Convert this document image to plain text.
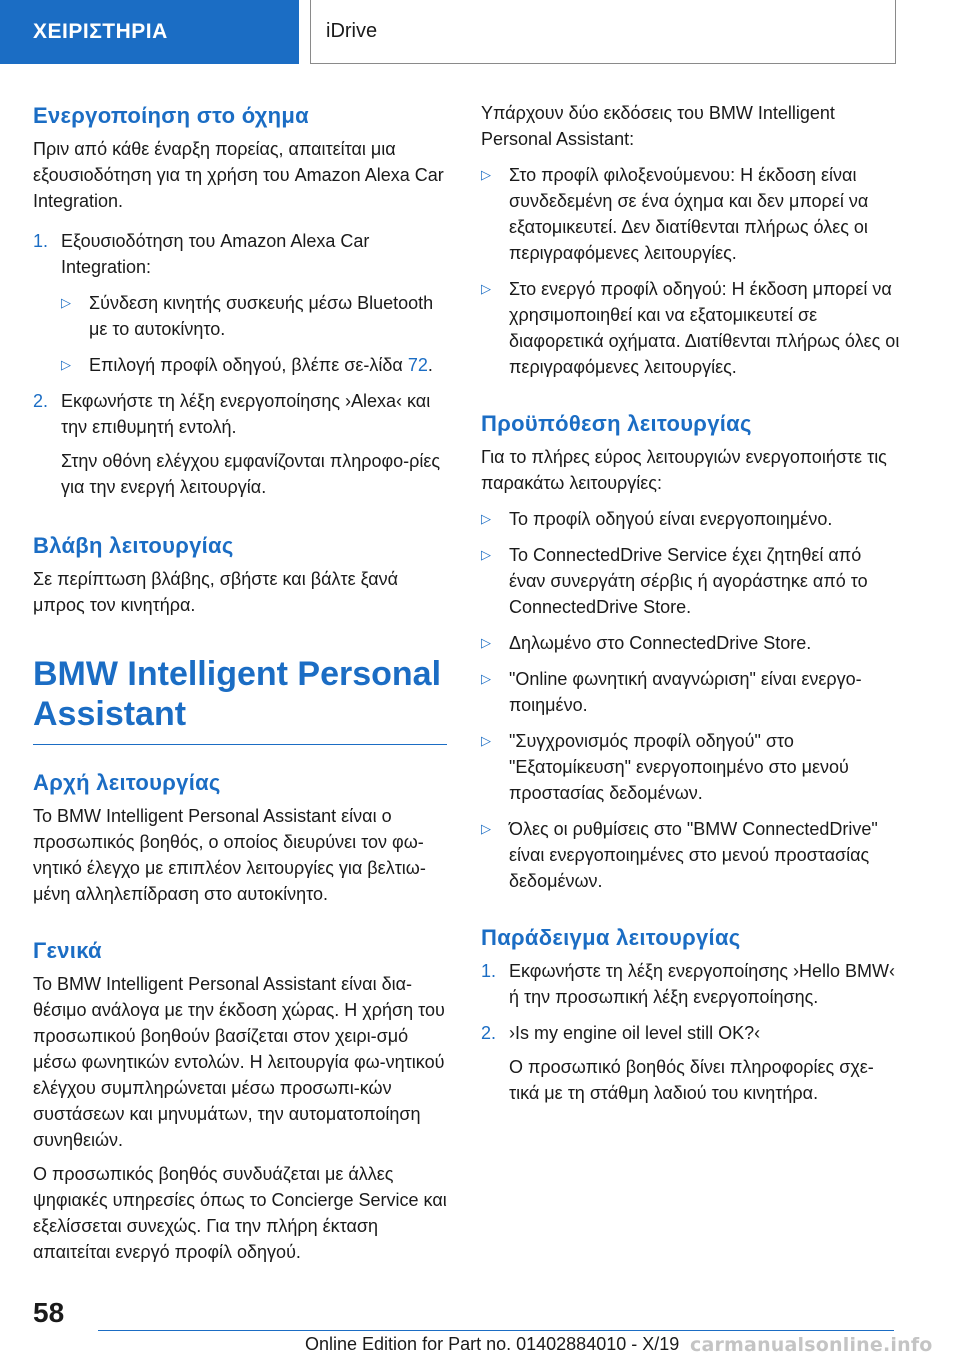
ΧΕΙΡΙΣΤΗΡΙΑ	iDrive
Ενεργοποίηση στο όχημα

Πριν από κάθε έναρξη πορείας, απαιτείται μια εξουσιοδότηση για τη χρήση του Amazon Alexa Car Integration.

1. Εξουσιοδότηση του Amazon Alexa Car Integration:
▷ Σύνδεση κινητής συσκευής μέσω Bluetooth με το αυτοκίνητο.
▷ Επιλογή προφίλ οδηγού, βλέπε σε-λίδα 72.
2. Εκφωνήστε τη λέξη ενεργοποίησης ›Alexa‹ και την επιθυμητή εντολή.
Στην οθόνη ελέγχου εμφανίζονται πληροφο-ρίες για την ενεργή λειτουργία.
Βλάβη λειτουργίας

Σε περίπτωση βλάβης, σβήστε και βάλτε ξανά μπρος τον κινητήρα.

BMW Intelligent Personal
Assistant
Αρχή λειτουργίας

Το BMW Intelligent Personal Assistant είναι ο προσωπικός βοηθός, ο οποίος διευρύνει τον φω-νητικό έλεγχο με επιπλέον λειτουργίες για βελτιω-μένη αλληλεπίδραση στο αυτοκίνητο.

Γενικά

Το BMW Intelligent Personal Assistant είναι δια-θέσιμο ανάλογα με την έκδοση χώρας. Η χρήση του προσωπικού βοηθούν βασίζεται στον χειρι-σμό μέσω φωνητικών εντολών. Η λειτουργία φω-νητικού ελέγχου συμπληρώνεται μέσω προσωπι-κών συστάσεων και μηνυμάτων, την αυτοματοποίηση συνηθειών.

Ο προσωπικός βοηθός συνδυάζεται με άλλες ψηφιακές υπηρεσίες όπως το Concierge Service και εξελίσσεται συνεχώς. Για την πλήρη έκταση απαιτείται ενεργό προφίλ οδηγού.

Υπάρχουν δύο εκδόσεις του BMW Intelligent Personal Assistant:

▷ Στο προφίλ φιλοξενούμενου: Η έκδοση είναι συνδεδεμένη σε ένα όχημα και δεν μπορεί να εξατομικευτεί. Δεν διατίθενται πλήρως όλες οι περιγραφόμενες λειτουργίες.
▷ Στο ενεργό προφίλ οδηγού: Η έκδοση μπορεί να χρησιμοποιηθεί και να εξατομικευτεί σε διαφορετικά οχήματα. Διατίθενται πλήρως όλες οι περιγραφόμενες λειτουργίες.
Προϋπόθεση λειτουργίας

Για το πλήρες εύρος λειτουργιών ενεργοποιήστε τις παρακάτω λειτουργίες:

▷ Το προφίλ οδηγού είναι ενεργοποιημένο.
▷ Το ConnectedDrive Service έχει ζητηθεί από έναν συνεργάτη σέρβις ή αγοράστηκε από το ConnectedDrive Store.
▷ Δηλωμένο στο ConnectedDrive Store.
▷ "Online φωνητική αναγνώριση" είναι ενεργο-ποιημένο.
▷ "Συγχρονισμός προφίλ οδηγού" στο "Εξατομίκευση" ενεργοποιημένο στο μενού προστασίας δεδομένων.
▷ Όλες οι ρυθμίσεις στο "BMW ConnectedDrive" είναι ενεργοποιημένες στο μενού προστασίας δεδομένων.
Παράδειγμα λειτουργίας
1. Εκφωνήστε τη λέξη ενεργοποίησης ›Hello BMW‹ ή την προσωπική λέξη ενεργοποίησης.
2. ›Is my engine oil level still OK?‹
Ο προσωπικό βοηθός δίνει πληροφορίες σχε-τικά με τη στάθμη λαδιού του κινητήρα.
58
Online Edition for Part no. 01402884010 - X/19 carmanualsonline.info
